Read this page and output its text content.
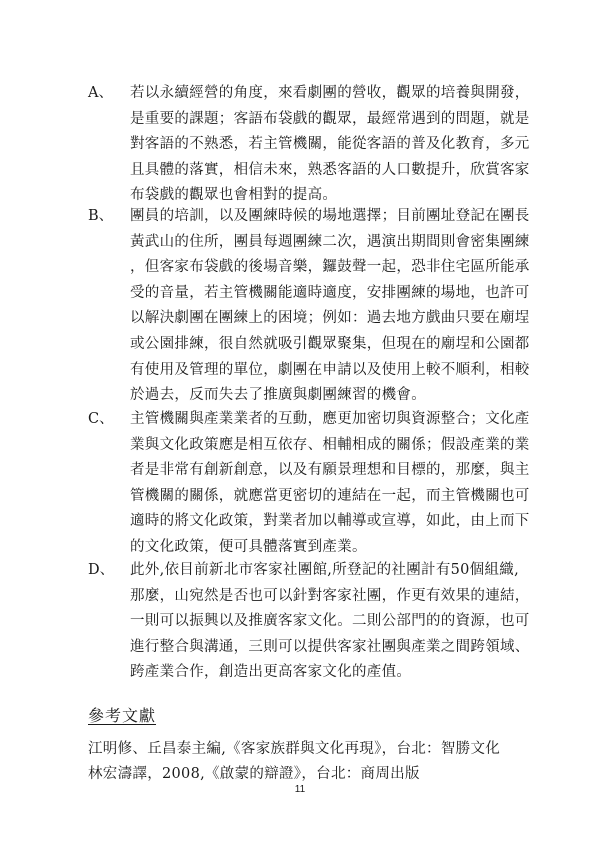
A、 若以永續經營的角度，來看劇團的營收，觀眾的培養與開發，
是重要的課題；客語布袋戲的觀眾，最經常遇到的問題，就是
對客語的不熟悉，若主管機關，能從客語的普及化教育，多元
且具體的落實，相信未來，熟悉客語的人口數提升，欣賞客家
布袋戲的觀眾也會相對的提高。
B、 團員的培訓，以及團練時候的場地選擇；目前團址登記在團長
黃武山的住所，團員每週團練二次，遇演出期間則會密集團練
，但客家布袋戲的後場音樂，鑼鼓聲一起，恐非住宅區所能承
受的音量，若主管機關能適時適度，安排團練的場地，也許可
以解決劇團在團練上的困境；例如：過去地方戲曲只要在廟埕
或公園排練，很自然就吸引觀眾聚集，但現在的廟埕和公園都
有使用及管理的單位，劇團在申請以及使用上較不順利，相較
於過去，反而失去了推廣與劇團練習的機會。
C、 主管機關與產業業者的互動，應更加密切與資源整合；文化產
業與文化政策應是相互依存、相輔相成的關係；假設產業的業
者是非常有創新創意，以及有願景理想和目標的，那麼，與主
管機關的關係，就應當更密切的連結在一起，而主管機關也可
適時的將文化政策，對業者加以輔導或宣導，如此，由上而下
的文化政策，便可具體落實到產業。
D、 此外,依目前新北市客家社團館,所登記的社團計有50個組織,
那麼，山宛然是否也可以針對客家社團，作更有效果的連結，
一則可以振興以及推廣客家文化。二則公部門的的資源，也可
進行整合與溝通，三則可以提供客家社團與產業之間跨領域、
跨產業合作，創造出更高客家文化的產值。
參考文獻
江明修、丘昌泰主編,《客家族群與文化再現》，台北：智勝文化
林宏濤譯，2008,《啟蒙的辯證》，台北：商周出版
11
